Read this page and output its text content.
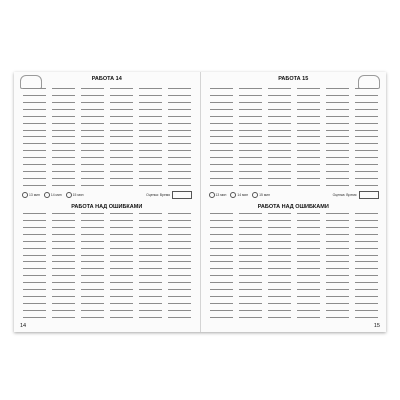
РАБОТА 14
13 мин	14 мин	15 мин	Оценка: Время
РАБОТА НАД ОШИБКАМИ
14
РАБОТА 15
13 мин	14 мин	15 мин	Оценка: Время
РАБОТА НАД ОШИБКАМИ
15
